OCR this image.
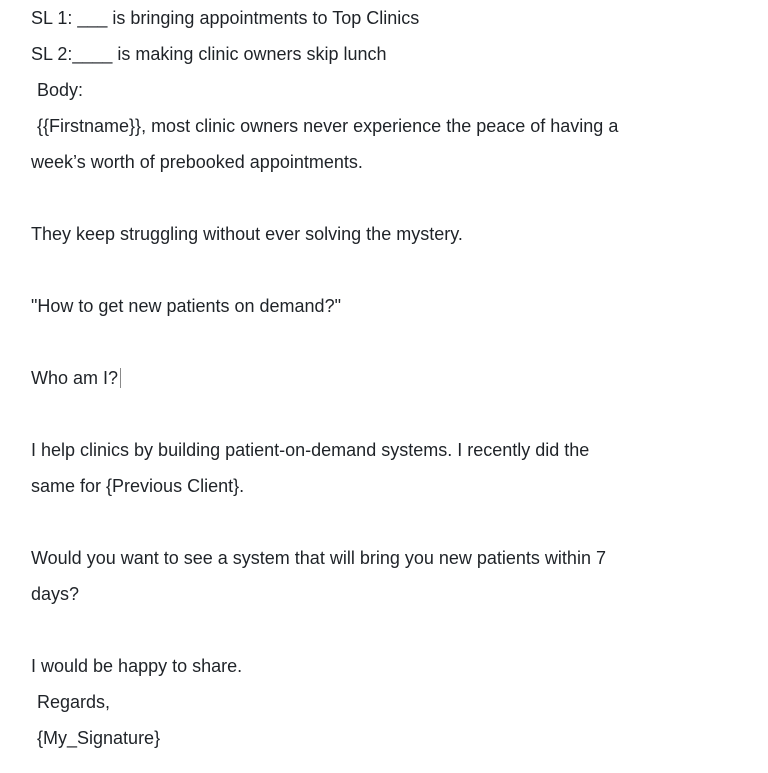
SL 1: ___ is bringing appointments to Top Clinics
SL 2:____ is making clinic owners skip lunch
Body:
{{Firstname}}, most clinic owners never experience the peace of having a
week’s worth of prebooked appointments.
They keep struggling without ever solving the mystery.
"How to get new patients on demand?"
Who am I?
I help clinics by building patient-on-demand systems. I recently did the
same for {Previous Client}.
Would you want to see a system that will bring you new patients within 7
days?
I would be happy to share.
Regards,
{My_Signature}
